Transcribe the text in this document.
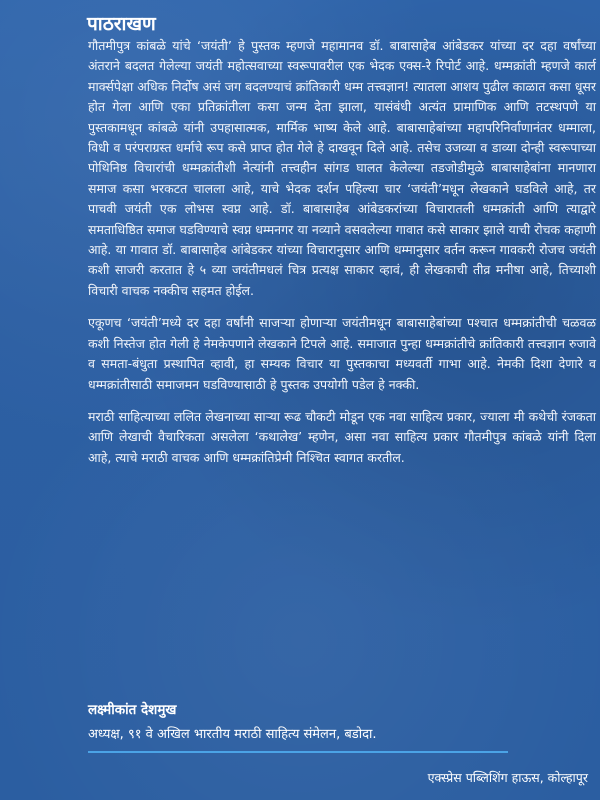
पाठराखण

गौतमीपुत्र कांबळे यांचे ‘जयंती’ हे पुस्तक म्हणजे महामानव डॉ. बाबासाहेब आंबेडकर यांच्या दर दहा वर्षांच्या अंतराने बदलत गेलेल्या जयंती महोत्सवाच्या स्वरूपावरील एक भेदक एक्स-रे रिपोर्ट आहे. धम्मक्रांती म्हणजे कार्ल मार्क्सपेक्षा अधिक निर्दोष असं जग बदलण्याचं क्रांतिकारी धम्म तत्त्वज्ञान! त्यातला आशय पुढील काळात कसा धूसर होत गेला आणि एका प्रतिक्रांतीला कसा जन्म देता झाला, यासंबंधी अत्यंत प्रामाणिक आणि तटस्थपणे या पुस्तकामधून कांबळे यांनी उपहासात्मक, मार्मिक भाष्य केले आहे. बाबासाहेबांच्या महापरिनिर्वाणानंतर धम्माला, विधी व परंपराग्रस्त धर्माचे रूप कसे प्राप्त होत गेले हे दाखवून दिले आहे. तसेच उजव्या व डाव्या दोन्ही स्वरूपाच्या पोथिनिष्ठ विचारांची धम्मक्रांतीशी नेत्यांनी तत्त्वहीन सांगड घालत केलेल्या तडजोडीमुळे बाबासाहेबांना मानणारा समाज कसा भरकटत चालला आहे, याचे भेदक दर्शन पहिल्या चार ‘जयंती’मधून लेखकाने घडविले आहे, तर पाचवी जयंती एक लोभस स्वप्न आहे. डॉ. बाबासाहेब आंबेडकरांच्या विचारातली धम्मक्रांती आणि त्याद्वारे समताधिष्ठित समाज घडविण्याचे स्वप्न धम्मनगर या नव्याने वसवलेल्या गावात कसे साकार झाले याची रोचक कहाणी आहे. या गावात डॉ. बाबासाहेब आंबेडकर यांच्या विचारानुसार आणि धम्मानुसार वर्तन करून गावकरी रोजच जयंती कशी साजरी करतात हे ५ व्या जयंतीमधलं चित्र प्रत्यक्ष साकार व्हावं, ही लेखकाची तीव्र मनीषा आहे, तिच्याशी विचारी वाचक नक्कीच सहमत होईल.

एकूणच ‘जयंती’मध्ये दर दहा वर्षांनी साजऱ्या होणाऱ्या जयंतीमधून बाबासाहेबांच्या पश्चात धम्मक्रांतीची चळवळ कशी निस्तेज होत गेली हे नेमकेपणाने लेखकाने टिपले आहे. समाजात पुन्हा धम्मक्रांतीचे क्रांतिकारी तत्त्वज्ञान रुजावे व समता-बंधुता प्रस्थापित व्हावी, हा सम्यक विचार या पुस्तकाचा मध्यवर्ती गाभा आहे. नेमकी दिशा देणारे व धम्मक्रांतीसाठी समाजमन घडविण्यासाठी हे पुस्तक उपयोगी पडेल हे नक्की.

मराठी साहित्याच्या ललित लेखनाच्या साऱ्या रूढ चौकटी मोडून एक नवा साहित्य प्रकार, ज्याला मी कथेची रंजकता आणि लेखाची वैचारिकता असलेला ‘कथालेख’ म्हणेन, असा नवा साहित्य प्रकार गौतमीपुत्र कांबळे यांनी दिला आहे, त्याचे मराठी वाचक आणि धम्मक्रांतिप्रेमी निश्चित स्वागत करतील.

लक्ष्मीकांत देशमुख

अध्यक्ष, ९१ वे अखिल भारतीय मराठी साहित्य संमेलन, बडोदा.

एक्स्प्रेस पब्लिशिंग हाऊस, कोल्हापूर
